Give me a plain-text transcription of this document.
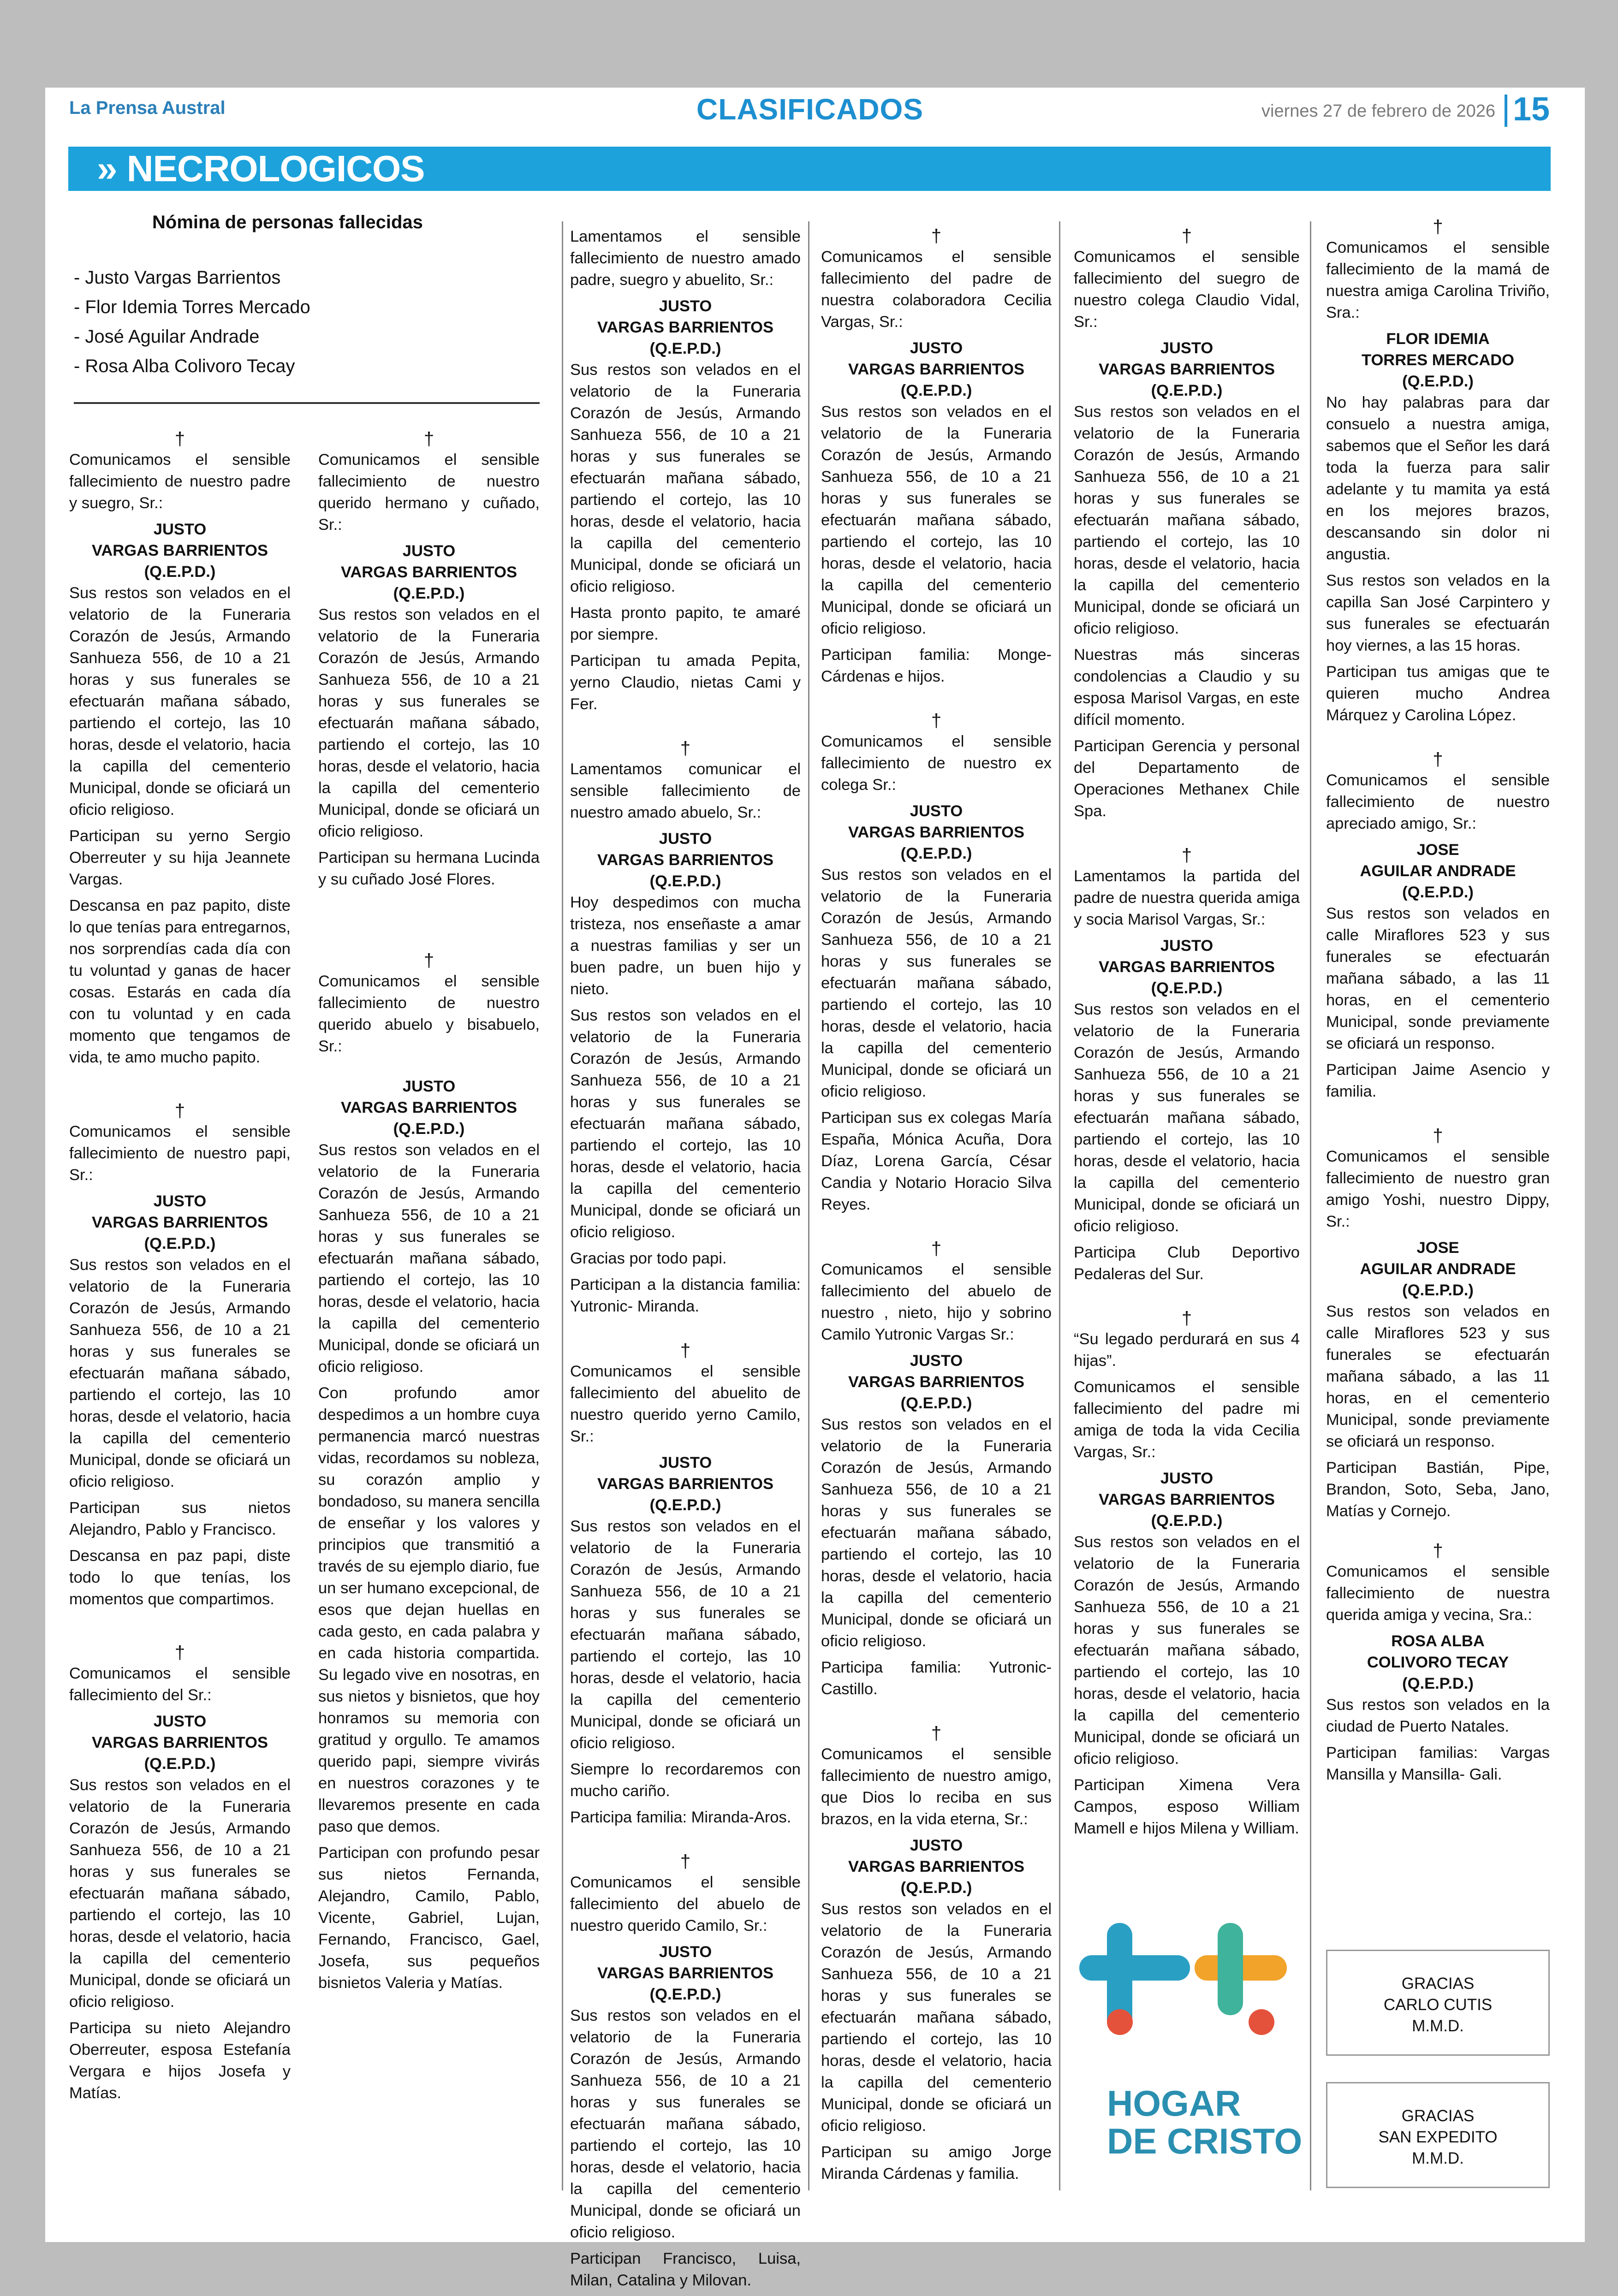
La Prensa Austral	CLASIFICADOS	viernes 27 de febrero de 2026 15
» NECROLOGICOS
Nómina de personas fallecidas
- Justo Vargas Barrientos
- Flor Idemia Torres Mercado
- José Aguilar Andrade
- Rosa Alba Colivoro Tecay
†

Comunicamos el sensible fallecimiento de nuestro padre y suegro, Sr.:

JUSTO
VARGAS BARRIENTOS
(Q.E.P.D.)

Sus restos son velados en el velatorio de la Funeraria Corazón de Jesús, Armando Sanhueza 556, de 10 a 21 horas y sus funerales se efectuarán mañana sábado, partiendo el cortejo, las 10 horas, desde el velatorio, hacia la capilla del cementerio Municipal, donde se oficiará un oficio religioso.

Participan su yerno Sergio Oberreuter y su hija Jeannete Vargas.

Descansa en paz papito, diste lo que tenías para entregarnos, nos sorprendías cada día con tu voluntad y ganas de hacer cosas. Estarás en cada día con tu voluntad y en cada momento que tengamos de vida, te amo mucho papito.

†

Comunicamos el sensible fallecimiento de nuestro papi, Sr.:

JUSTO
VARGAS BARRIENTOS
(Q.E.P.D.)

Sus restos son velados en el velatorio de la Funeraria Corazón de Jesús, Armando Sanhueza 556, de 10 a 21 horas y sus funerales se efectuarán mañana sábado, partiendo el cortejo, las 10 horas, desde el velatorio, hacia la capilla del cementerio Municipal, donde se oficiará un oficio religioso.

Participan sus nietos Alejandro, Pablo y Francisco.

Descansa en paz papi, diste todo lo que tenías, los momentos que compartimos.

†

Comunicamos el sensible fallecimiento del Sr.:

JUSTO
VARGAS BARRIENTOS
(Q.E.P.D.)

Sus restos son velados en el velatorio de la Funeraria Corazón de Jesús, Armando Sanhueza 556, de 10 a 21 horas y sus funerales se efectuarán mañana sábado, partiendo el cortejo, las 10 horas, desde el velatorio, hacia la capilla del cementerio Municipal, donde se oficiará un oficio religioso.

Participa su nieto Alejandro Oberreuter, esposa Estefanía Vergara e hijos Josefa y Matías.

†

Comunicamos el sensible fallecimiento de nuestro querido hermano y cuñado, Sr.:

JUSTO
VARGAS BARRIENTOS
(Q.E.P.D.)

Sus restos son velados en el velatorio de la Funeraria Corazón de Jesús, Armando Sanhueza 556, de 10 a 21 horas y sus funerales se efectuarán mañana sábado, partiendo el cortejo, las 10 horas, desde el velatorio, hacia la capilla del cementerio Municipal, donde se oficiará un oficio religioso.

Participan su hermana Lucinda y su cuñado José Flores.

†

Comunicamos el sensible fallecimiento de nuestro querido abuelo y bisabuelo, Sr.:

JUSTO
VARGAS BARRIENTOS
(Q.E.P.D.)

Sus restos son velados en el velatorio de la Funeraria Corazón de Jesús, Armando Sanhueza 556, de 10 a 21 horas y sus funerales se efectuarán mañana sábado, partiendo el cortejo, las 10 horas, desde el velatorio, hacia la capilla del cementerio Municipal, donde se oficiará un oficio religioso.

Con profundo amor despedimos a un hombre cuya permanencia marcó nuestras vidas, recordamos su nobleza, su corazón amplio y bondadoso, su manera sencilla de enseñar y los valores y principios que transmitió a través de su ejemplo diario, fue un ser humano excepcional, de esos que dejan huellas en cada gesto, en cada palabra y en cada historia compartida. Su legado vive en nosotras, en sus nietos y bisnietos, que hoy honramos su memoria con gratitud y orgullo. Te amamos querido papi, siempre vivirás en nuestros corazones y te llevaremos presente en cada paso que demos.

Participan con profundo pesar sus nietos Fernanda, Alejandro, Camilo, Pablo, Vicente, Gabriel, Lujan, Fernando, Francisco, Gael, Josefa, sus pequeños bisnietos Valeria y Matías.

Lamentamos el sensible fallecimiento de nuestro amado padre, suegro y abuelito, Sr.:

JUSTO
VARGAS BARRIENTOS
(Q.E.P.D.)

Sus restos son velados en el velatorio de la Funeraria Corazón de Jesús, Armando Sanhueza 556, de 10 a 21 horas y sus funerales se efectuarán mañana sábado, partiendo el cortejo, las 10 horas, desde el velatorio, hacia la capilla del cementerio Municipal, donde se oficiará un oficio religioso.

Hasta pronto papito, te amaré por siempre.

Participan tu amada Pepita, yerno Claudio, nietas Cami y Fer.

†

Lamentamos comunicar el sensible fallecimiento de nuestro amado abuelo, Sr.:

JUSTO
VARGAS BARRIENTOS
(Q.E.P.D.)

Hoy despedimos con mucha tristeza, nos enseñaste a amar a nuestras familias y ser un buen padre, un buen hijo y nieto.

Sus restos son velados en el velatorio de la Funeraria Corazón de Jesús, Armando Sanhueza 556, de 10 a 21 horas y sus funerales se efectuarán mañana sábado, partiendo el cortejo, las 10 horas, desde el velatorio, hacia la capilla del cementerio Municipal, donde se oficiará un oficio religioso.

Gracias por todo papi.

Participan a la distancia familia: Yutronic- Miranda.

†

Comunicamos el sensible fallecimiento del abuelito de nuestro querido yerno Camilo, Sr.:

JUSTO
VARGAS BARRIENTOS
(Q.E.P.D.)

Sus restos son velados en el velatorio de la Funeraria Corazón de Jesús, Armando Sanhueza 556, de 10 a 21 horas y sus funerales se efectuarán mañana sábado, partiendo el cortejo, las 10 horas, desde el velatorio, hacia la capilla del cementerio Municipal, donde se oficiará un oficio religioso.

Siempre lo recordaremos con mucho cariño.

Participa familia: Miranda-Aros.

†

Comunicamos el sensible fallecimiento del abuelo de nuestro querido Camilo, Sr.:

JUSTO
VARGAS BARRIENTOS
(Q.E.P.D.)

Sus restos son velados en el velatorio de la Funeraria Corazón de Jesús, Armando Sanhueza 556, de 10 a 21 horas y sus funerales se efectuarán mañana sábado, partiendo el cortejo, las 10 horas, desde el velatorio, hacia la capilla del cementerio Municipal, donde se oficiará un oficio religioso.

Participan Francisco, Luisa, Milan, Catalina y Milovan.

†

Comunicamos el sensible fallecimiento del padre de nuestra colaboradora Cecilia Vargas, Sr.:

JUSTO
VARGAS BARRIENTOS
(Q.E.P.D.)

Sus restos son velados en el velatorio de la Funeraria Corazón de Jesús, Armando Sanhueza 556, de 10 a 21 horas y sus funerales se efectuarán mañana sábado, partiendo el cortejo, las 10 horas, desde el velatorio, hacia la capilla del cementerio Municipal, donde se oficiará un oficio religioso.

Participan familia: Monge-Cárdenas e hijos.

†

Comunicamos el sensible fallecimiento de nuestro ex colega Sr.:

JUSTO
VARGAS BARRIENTOS
(Q.E.P.D.)

Sus restos son velados en el velatorio de la Funeraria Corazón de Jesús, Armando Sanhueza 556, de 10 a 21 horas y sus funerales se efectuarán mañana sábado, partiendo el cortejo, las 10 horas, desde el velatorio, hacia la capilla del cementerio Municipal, donde se oficiará un oficio religioso.

Participan sus ex colegas María España, Mónica Acuña, Dora Díaz, Lorena García, César Candia y Notario Horacio Silva Reyes.

†

Comunicamos el sensible fallecimiento del abuelo de nuestro , nieto, hijo y sobrino Camilo Yutronic Vargas Sr.:

JUSTO
VARGAS BARRIENTOS
(Q.E.P.D.)

Sus restos son velados en el velatorio de la Funeraria Corazón de Jesús, Armando Sanhueza 556, de 10 a 21 horas y sus funerales se efectuarán mañana sábado, partiendo el cortejo, las 10 horas, desde el velatorio, hacia la capilla del cementerio Municipal, donde se oficiará un oficio religioso.

Participa familia: Yutronic-Castillo.

†

Comunicamos el sensible fallecimiento de nuestro amigo, que Dios lo reciba en sus brazos, en la vida eterna, Sr.:

JUSTO
VARGAS BARRIENTOS
(Q.E.P.D.)

Sus restos son velados en el velatorio de la Funeraria Corazón de Jesús, Armando Sanhueza 556, de 10 a 21 horas y sus funerales se efectuarán mañana sábado, partiendo el cortejo, las 10 horas, desde el velatorio, hacia la capilla del cementerio Municipal, donde se oficiará un oficio religioso.

Participan su amigo Jorge Miranda Cárdenas y familia.

†

Comunicamos el sensible fallecimiento del suegro de nuestro colega Claudio Vidal, Sr.:

JUSTO
VARGAS BARRIENTOS
(Q.E.P.D.)

Sus restos son velados en el velatorio de la Funeraria Corazón de Jesús, Armando Sanhueza 556, de 10 a 21 horas y sus funerales se efectuarán mañana sábado, partiendo el cortejo, las 10 horas, desde el velatorio, hacia la capilla del cementerio Municipal, donde se oficiará un oficio religioso.

Nuestras más sinceras condolencias a Claudio y su esposa Marisol Vargas, en este difícil momento.

Participan Gerencia y personal del Departamento de Operaciones Methanex Chile Spa.

†

Lamentamos la partida del padre de nuestra querida amiga y socia Marisol Vargas, Sr.:

JUSTO
VARGAS BARRIENTOS
(Q.E.P.D.)

Sus restos son velados en el velatorio de la Funeraria Corazón de Jesús, Armando Sanhueza 556, de 10 a 21 horas y sus funerales se efectuarán mañana sábado, partiendo el cortejo, las 10 horas, desde el velatorio, hacia la capilla del cementerio Municipal, donde se oficiará un oficio religioso.

Participa Club Deportivo Pedaleras del Sur.

†

“Su legado perdurará en sus 4 hijas”.

Comunicamos el sensible fallecimiento del padre mi amiga de toda la vida Cecilia Vargas, Sr.:

JUSTO
VARGAS BARRIENTOS
(Q.E.P.D.)

Sus restos son velados en el velatorio de la Funeraria Corazón de Jesús, Armando Sanhueza 556, de 10 a 21 horas y sus funerales se efectuarán mañana sábado, partiendo el cortejo, las 10 horas, desde el velatorio, hacia la capilla del cementerio Municipal, donde se oficiará un oficio religioso.

Participan Ximena Vera Campos, esposo William Mamell e hijos Milena y William.

HOGAR
DE CRISTO
†

Comunicamos el sensible fallecimiento de la mamá de nuestra amiga Carolina Triviño, Sra.:

FLOR IDEMIA
TORRES MERCADO
(Q.E.P.D.)

No hay palabras para dar consuelo a nuestra amiga, sabemos que el Señor les dará toda la fuerza para salir adelante y tu mamita ya está en los mejores brazos, descansando sin dolor ni angustia.

Sus restos son velados en la capilla San José Carpintero y sus funerales se efectuarán hoy viernes, a las 15 horas.

Participan tus amigas que te quieren mucho Andrea Márquez y Carolina López.

†

Comunicamos el sensible fallecimiento de nuestro apreciado amigo, Sr.:

JOSE
AGUILAR ANDRADE
(Q.E.P.D.)

Sus restos son velados en calle Miraflores 523 y sus funerales se efectuarán mañana sábado, a las 11 horas, en el cementerio Municipal, sonde previamente se oficiará un responso.

Participan Jaime Asencio y familia.

†

Comunicamos el sensible fallecimiento de nuestro gran amigo Yoshi, nuestro Dippy, Sr.:

JOSE
AGUILAR ANDRADE
(Q.E.P.D.)

Sus restos son velados en calle Miraflores 523 y sus funerales se efectuarán mañana sábado, a las 11 horas, en el cementerio Municipal, sonde previamente se oficiará un responso.

Participan Bastián, Pipe, Brandon, Soto, Seba, Jano, Matías y Cornejo.

†

Comunicamos el sensible fallecimiento de nuestra querida amiga y vecina, Sra.:

ROSA ALBA
COLIVORO TECAY
(Q.E.P.D.)

Sus restos son velados en la ciudad de Puerto Natales.

Participan familias: Vargas Mansilla y Mansilla- Gali.

GRACIAS
CARLO CUTIS
M.M.D.
GRACIAS
SAN EXPEDITO
M.M.D.
